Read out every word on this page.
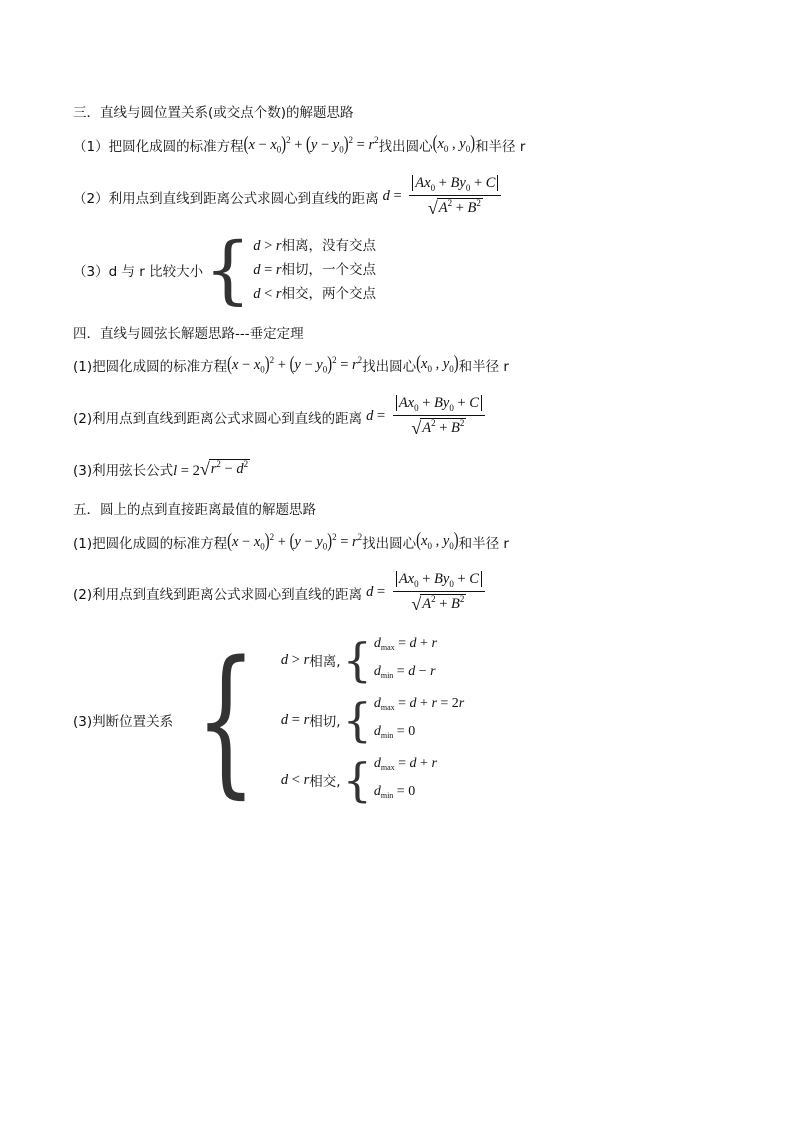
三．直线与圆位置关系(或交点个数)的解题思路
（1）把圆化成圆的标准方程 $(x - x_0)^2 + (y - y_0)^2 = r^2$ 找出圆心 ($x_0$ , $y_0$) 和半径 r
（2）利用点到直线到距离公式求圆心到直线的距离 $d = \frac{Ax_0 + By_0 + C}{√ A^2 + B^2}$
（3）d 与 r 比较大小 { d > r相离，没有交点
d = r相切，一个交点
d < r相交，两个交点
四．直线与圆弦长解题思路---垂定定理
(1)把圆化成圆的标准方程 $(x - x_0)^2 + (y - y_0)^2 = r^2$ 找出圆心 ($x_0$ , $y_0$) 和半径 r
(2)利用点到直线到距离公式求圆心到直线的距离 $d = \frac{Ax_0 + By_0 + C}{√ A^2 + B^2}$
(3)利用弦长公式 l = 2 √ $r^2 - d^2$
五．圆上的点到直接距离最值的解题思路
(1)把圆化成圆的标准方程 $(x - x_0)^2 + (y - y_0)^2 = r^2$ 找出圆心 ($x_0$ , $y_0$) 和半径 r
(2)利用点到直线到距离公式求圆心到直线的距离 $d = \frac{Ax_0 + By_0 + C}{√ A^2 + B^2}$
(3)判断位置关系 { d > r 相离, { $d_{max} = d + r$
$d_{min} = d - r$
d = r 相切, { $d_{max} = d + r = 2r$
$d_{min} = 0$
d < r 相交, { $d_{max} = d + r$
$d_{min} = 0$
